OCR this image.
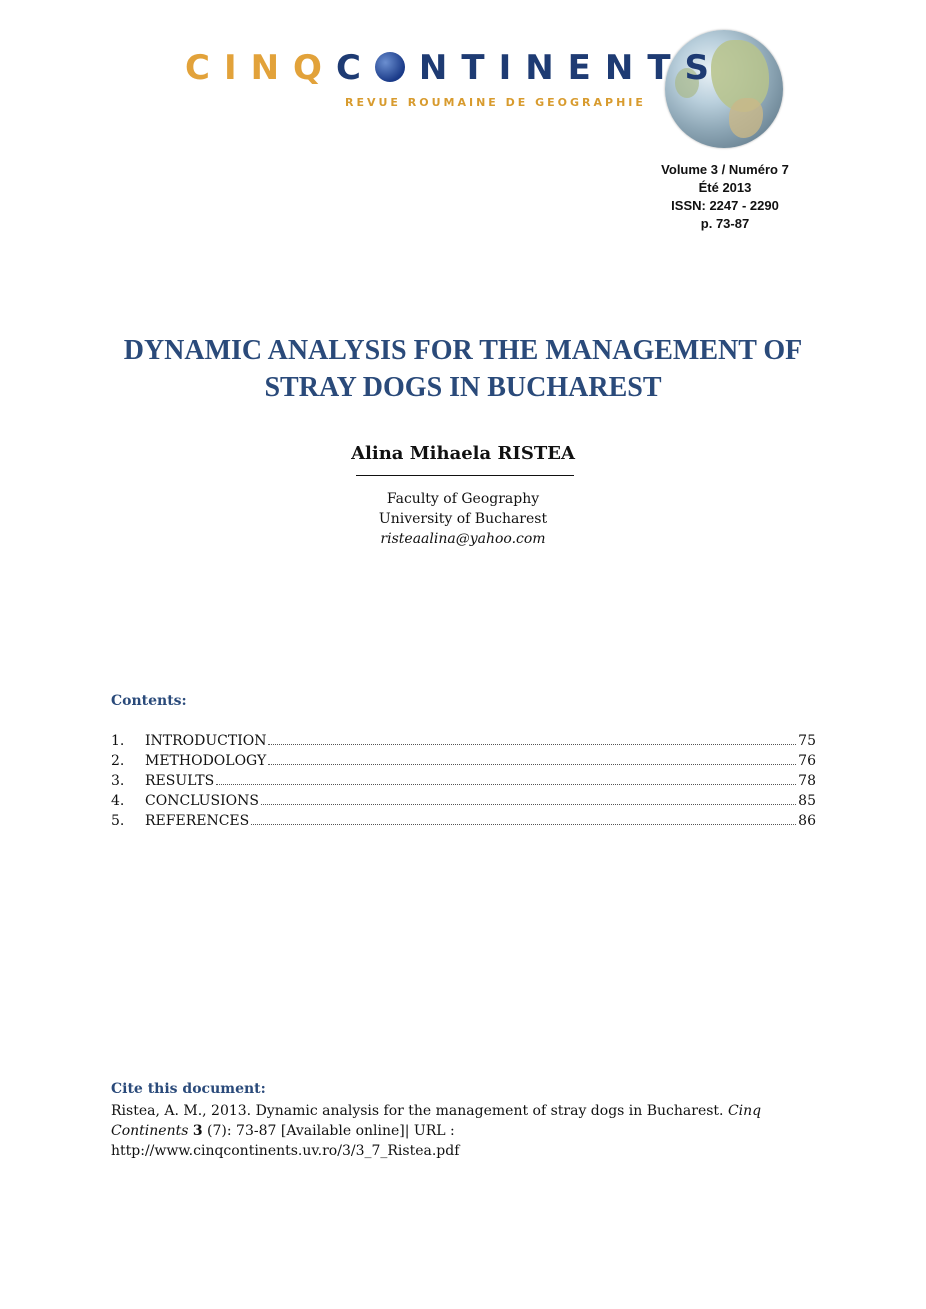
CINQC NTINENTS
REVUE ROUMAINE DE GEOGRAPHIE
Volume 3 / Numéro 7
Été 2013
ISSN: 2247 - 2290
p. 73-87
DYNAMIC ANALYSIS FOR THE MANAGEMENT OF
STRAY DOGS IN BUCHAREST
Alina Mihaela RISTEA
Faculty of Geography
University of Bucharest
risteaalina@yahoo.com
Contents:
1.	INTRODUCTION	75
2.	METHODOLOGY	76
3.	RESULTS	78
4.	CONCLUSIONS	85
5.	REFERENCES	86
Cite this document:
Ristea, A. M., 2013. Dynamic analysis for the management of stray dogs in Bucharest. Cinq Continents 3 (7): 73-87 [Available online]| URL :
http://www.cinqcontinents.uv.ro/3/3_7_Ristea.pdf
